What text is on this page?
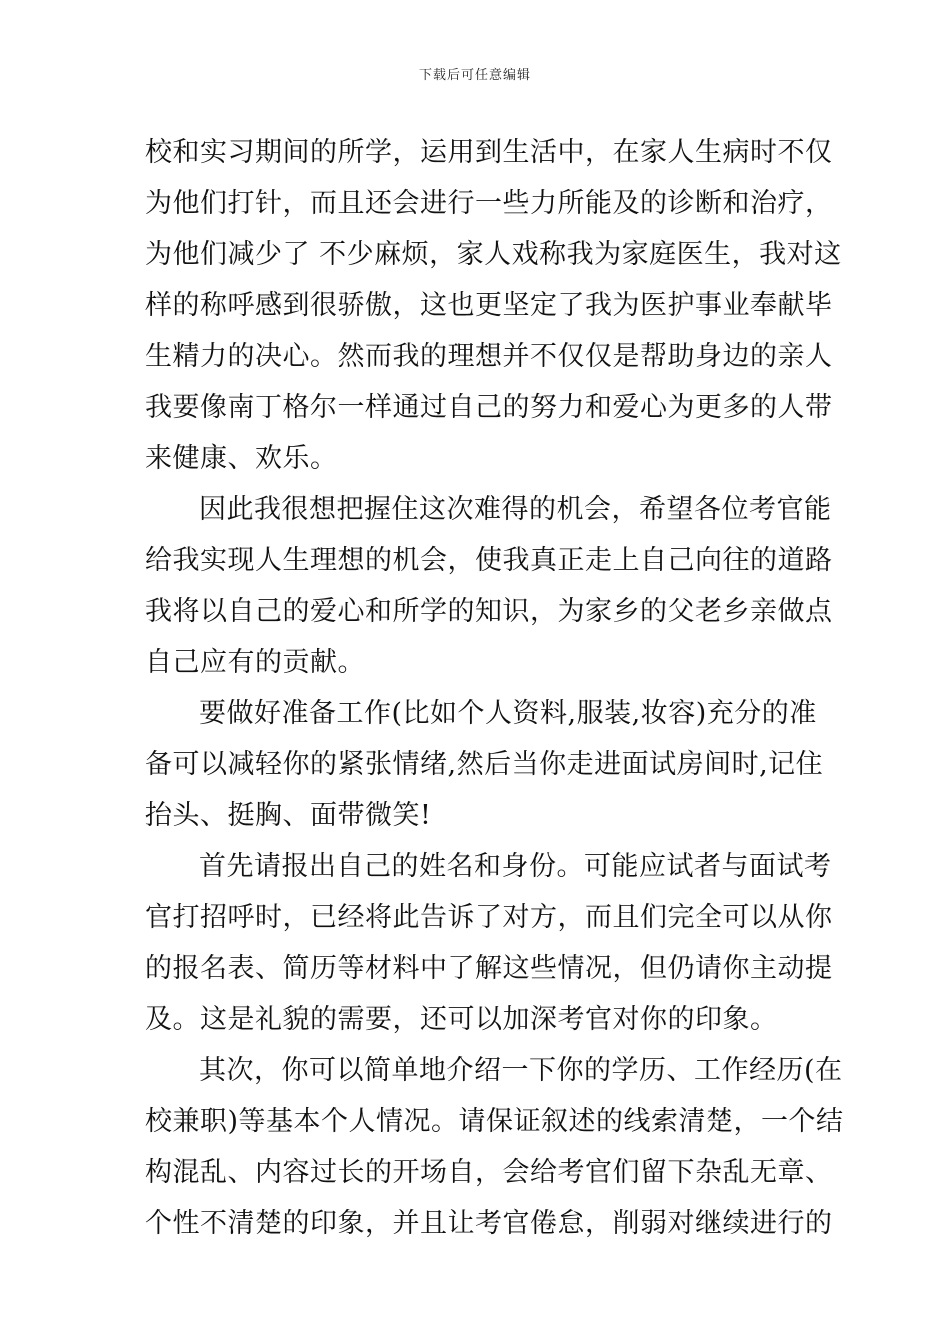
下载后可任意编辑
校和实习期间的所学，运用到生活中，在家人生病时不仅
为他们打针，而且还会进行一些力所能及的诊断和治疗，
为他们减少了 不少麻烦，家人戏称我为家庭医生，我对这
样的称呼感到很骄傲，这也更坚定了我为医护事业奉献毕
生精力的决心。然而我的理想并不仅仅是帮助身边的亲人
我要像南丁格尔一样通过自己的努力和爱心为更多的人带
来健康、欢乐。
因此我很想把握住这次难得的机会，希望各位考官能
给我实现人生理想的机会，使我真正走上自己向往的道路
我将以自己的爱心和所学的知识，为家乡的父老乡亲做点
自己应有的贡献。
要做好准备工作(比如个人资料,服装,妆容)充分的准
备可以减轻你的紧张情绪,然后当你走进面试房间时,记住
抬头、挺胸、面带微笑!
首先请报出自己的姓名和身份。可能应试者与面试考
官打招呼时，已经将此告诉了对方，而且们完全可以从你
的报名表、简历等材料中了解这些情况，但仍请你主动提
及。这是礼貌的需要，还可以加深考官对你的印象。
其次，你可以简单地介绍一下你的学历、工作经历(在
校兼职)等基本个人情况。请保证叙述的线索清楚，一个结
构混乱、内容过长的开场自，会给考官们留下杂乱无章、
个性不清楚的印象，并且让考官倦怠，削弱对继续进行的
